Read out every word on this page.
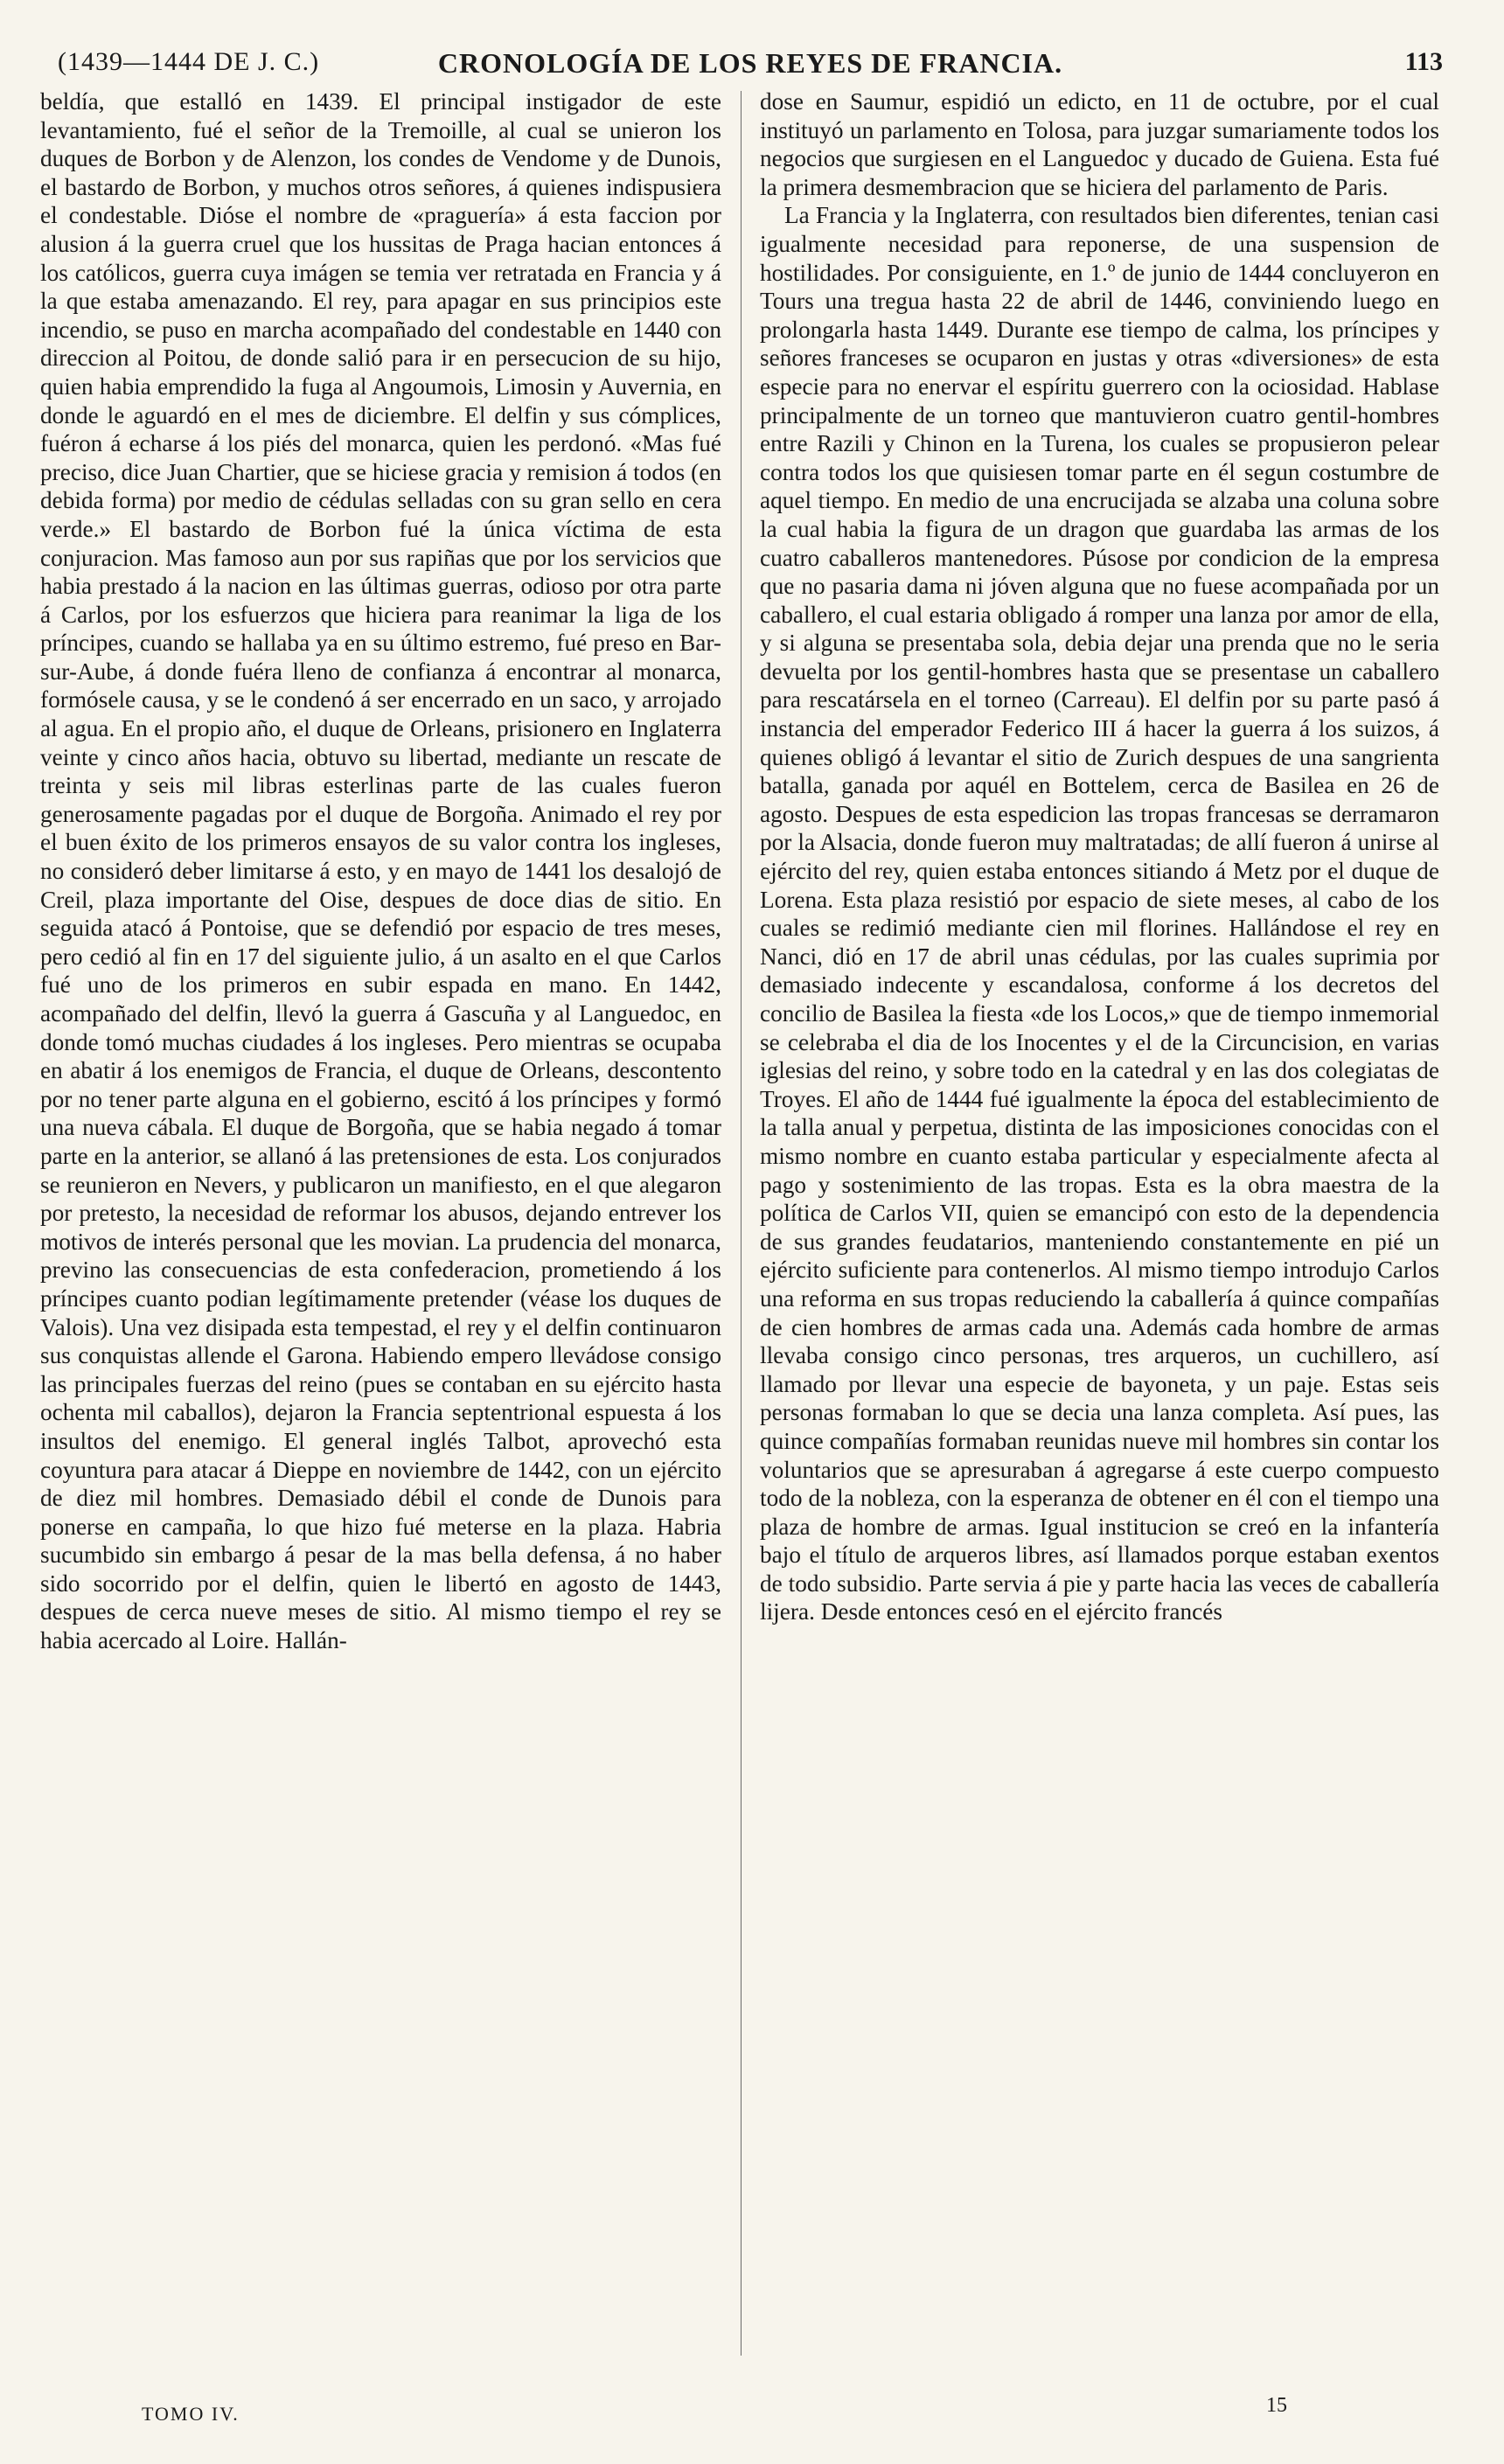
(1439—1444 DE J. C.)	CRONOLOGÍA DE LOS REYES DE FRANCIA.	113

beldía, que estalló en 1439. El principal instigador de este levantamiento, fué el señor de la Tremoille, al cual se unieron los duques de Borbon y de Alenzon, los condes de Vendome y de Dunois, el bastardo de Borbon, y muchos otros señores, á quienes indispusiera el condestable. Dióse el nombre de «praguería» á esta faccion por alusion á la guerra cruel que los hussitas de Praga hacian entonces á los católicos, guerra cuya imágen se temia ver retratada en Francia y á la que estaba amenazando. El rey, para apagar en sus principios este incendio, se puso en marcha acompañado del condestable en 1440 con direccion al Poitou, de donde salió para ir en persecucion de su hijo, quien habia emprendido la fuga al Angoumois, Limosin y Auvernia, en donde le aguardó en el mes de diciembre. El delfin y sus cómplices, fuéron á echarse á los piés del monarca, quien les perdonó. «Mas fué preciso, dice Juan Chartier, que se hiciese gracia y remision á todos (en debida forma) por medio de cédulas selladas con su gran sello en cera verde.» El bastardo de Borbon fué la única víctima de esta conjuracion. Mas famoso aun por sus rapiñas que por los servicios que habia prestado á la nacion en las últimas guerras, odioso por otra parte á Carlos, por los esfuerzos que hiciera para reanimar la liga de los príncipes, cuando se hallaba ya en su último estremo, fué preso en Bar-sur-Aube, á donde fuéra lleno de confianza á encontrar al monarca, formósele causa, y se le condenó á ser encerrado en un saco, y arrojado al agua. En el propio año, el duque de Orleans, prisionero en Inglaterra veinte y cinco años hacia, obtuvo su libertad, mediante un rescate de treinta y seis mil libras esterlinas parte de las cuales fueron generosamente pagadas por el duque de Borgoña. Animado el rey por el buen éxito de los primeros ensayos de su valor contra los ingleses, no consideró deber limitarse á esto, y en mayo de 1441 los desalojó de Creil, plaza importante del Oise, despues de doce dias de sitio. En seguida atacó á Pontoise, que se defendió por espacio de tres meses, pero cedió al fin en 17 del siguiente julio, á un asalto en el que Carlos fué uno de los primeros en subir espada en mano. En 1442, acompañado del delfin, llevó la guerra á Gascuña y al Languedoc, en donde tomó muchas ciudades á los ingleses. Pero mientras se ocupaba en abatir á los enemigos de Francia, el duque de Orleans, descontento por no tener parte alguna en el gobierno, escitó á los príncipes y formó una nueva cábala. El duque de Borgoña, que se habia negado á tomar parte en la anterior, se allanó á las pretensiones de esta. Los conjurados se reunieron en Nevers, y publicaron un manifiesto, en el que alegaron por pretesto, la necesidad de reformar los abusos, dejando entrever los motivos de interés personal que les movian. La prudencia del monarca, previno las consecuencias de esta confederacion, prometiendo á los príncipes cuanto podian legítimamente pretender (véase los duques de Valois). Una vez disipada esta tempestad, el rey y el delfin continuaron sus conquistas allende el Garona. Habiendo empero llevádose consigo las principales fuerzas del reino (pues se contaban en su ejército hasta ochenta mil caballos), dejaron la Francia septentrional espuesta á los insultos del enemigo. El general inglés Talbot, aprovechó esta coyuntura para atacar á Dieppe en noviembre de 1442, con un ejército de diez mil hombres. Demasiado débil el conde de Dunois para ponerse en campaña, lo que hizo fué meterse en la plaza. Habria sucumbido sin embargo á pesar de la mas bella defensa, á no haber sido socorrido por el delfin, quien le libertó en agosto de 1443, despues de cerca nueve meses de sitio. Al mismo tiempo el rey se habia acercado al Loire. Hallán-

dose en Saumur, espidió un edicto, en 11 de octubre, por el cual instituyó un parlamento en Tolosa, para juzgar sumariamente todos los negocios que surgiesen en el Languedoc y ducado de Guiena. Esta fué la primera desmembracion que se hiciera del parlamento de Paris.

La Francia y la Inglaterra, con resultados bien diferentes, tenian casi igualmente necesidad para reponerse, de una suspension de hostilidades. Por consiguiente, en 1.º de junio de 1444 concluyeron en Tours una tregua hasta 22 de abril de 1446, conviniendo luego en prolongarla hasta 1449. Durante ese tiempo de calma, los príncipes y señores franceses se ocuparon en justas y otras «diversiones» de esta especie para no enervar el espíritu guerrero con la ociosidad. Hablase principalmente de un torneo que mantuvieron cuatro gentil-hombres entre Razili y Chinon en la Turena, los cuales se propusieron pelear contra todos los que quisiesen tomar parte en él segun costumbre de aquel tiempo. En medio de una encrucijada se alzaba una coluna sobre la cual habia la figura de un dragon que guardaba las armas de los cuatro caballeros mantenedores. Púsose por condicion de la empresa que no pasaria dama ni jóven alguna que no fuese acompañada por un caballero, el cual estaria obligado á romper una lanza por amor de ella, y si alguna se presentaba sola, debia dejar una prenda que no le seria devuelta por los gentil-hombres hasta que se presentase un caballero para rescatársela en el torneo (Carreau). El delfin por su parte pasó á instancia del emperador Federico III á hacer la guerra á los suizos, á quienes obligó á levantar el sitio de Zurich despues de una sangrienta batalla, ganada por aquél en Bottelem, cerca de Basilea en 26 de agosto. Despues de esta espedicion las tropas francesas se derramaron por la Alsacia, donde fueron muy maltratadas; de allí fueron á unirse al ejército del rey, quien estaba entonces sitiando á Metz por el duque de Lorena. Esta plaza resistió por espacio de siete meses, al cabo de los cuales se redimió mediante cien mil florines. Hallándose el rey en Nanci, dió en 17 de abril unas cédulas, por las cuales suprimia por demasiado indecente y escandalosa, conforme á los decretos del concilio de Basilea la fiesta «de los Locos,» que de tiempo inmemorial se celebraba el dia de los Inocentes y el de la Circuncision, en varias iglesias del reino, y sobre todo en la catedral y en las dos colegiatas de Troyes. El año de 1444 fué igualmente la época del establecimiento de la talla anual y perpetua, distinta de las imposiciones conocidas con el mismo nombre en cuanto estaba particular y especialmente afecta al pago y sostenimiento de las tropas. Esta es la obra maestra de la política de Carlos VII, quien se emancipó con esto de la dependencia de sus grandes feudatarios, manteniendo constantemente en pié un ejército suficiente para contenerlos. Al mismo tiempo introdujo Carlos una reforma en sus tropas reduciendo la caballería á quince compañías de cien hombres de armas cada una. Además cada hombre de armas llevaba consigo cinco personas, tres arqueros, un cuchillero, así llamado por llevar una especie de bayoneta, y un paje. Estas seis personas formaban lo que se decia una lanza completa. Así pues, las quince compañías formaban reunidas nueve mil hombres sin contar los voluntarios que se apresuraban á agregarse á este cuerpo compuesto todo de la nobleza, con la esperanza de obtener en él con el tiempo una plaza de hombre de armas. Igual institucion se creó en la infantería bajo el título de arqueros libres, así llamados porque estaban exentos de todo subsidio. Parte servia á pie y parte hacia las veces de caballería lijera. Desde entonces cesó en el ejército francés

TOMO IV.	15
